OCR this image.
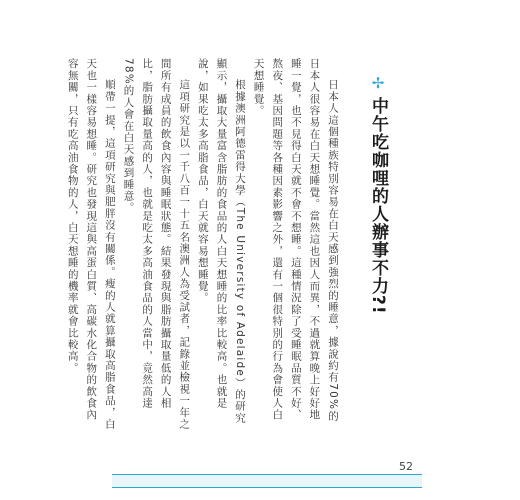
✢中午吃咖哩的人辦事不力?!

日本人這個種族特別容易在白天感到強烈的睡意，據說約有70%的日本人很容易在白天想睡覺。當然這也因人而異，不過就算晚上好好地睡一覺，也不見得白天就不會不想睡。這種情況除了受睡眠品質不好、熬夜、基因問題等各種因素影響之外，還有一個很特別的行為會使人白天想睡覺。

根據澳洲阿德雷得大學（The University of Adelaide）的研究顯示，攝取大量富含脂肪的食品的人白天想睡的比率比較高。也就是說，如果吃太多高脂食品，白天就容易想睡覺。

這項研究是以一千八百一十五名澳洲人為受試者，記錄並檢視一年之間所有成員的飲食內容與睡眠狀態。結果發現與脂肪攝取量低的人相比，脂肪攝取量高的人，也就是吃太多高油食品的人當中，竟然高達78%的人會在白天感到睡意。

順帶一提，這項研究與肥胖沒有關係。瘦的人就算攝取高脂食品，白天也一樣容易想睡。研究也發現這與高蛋白質、高碳水化合物的飲食內容無關，只有吃高油食物的人，白天想睡的機率就會比較高。

52
